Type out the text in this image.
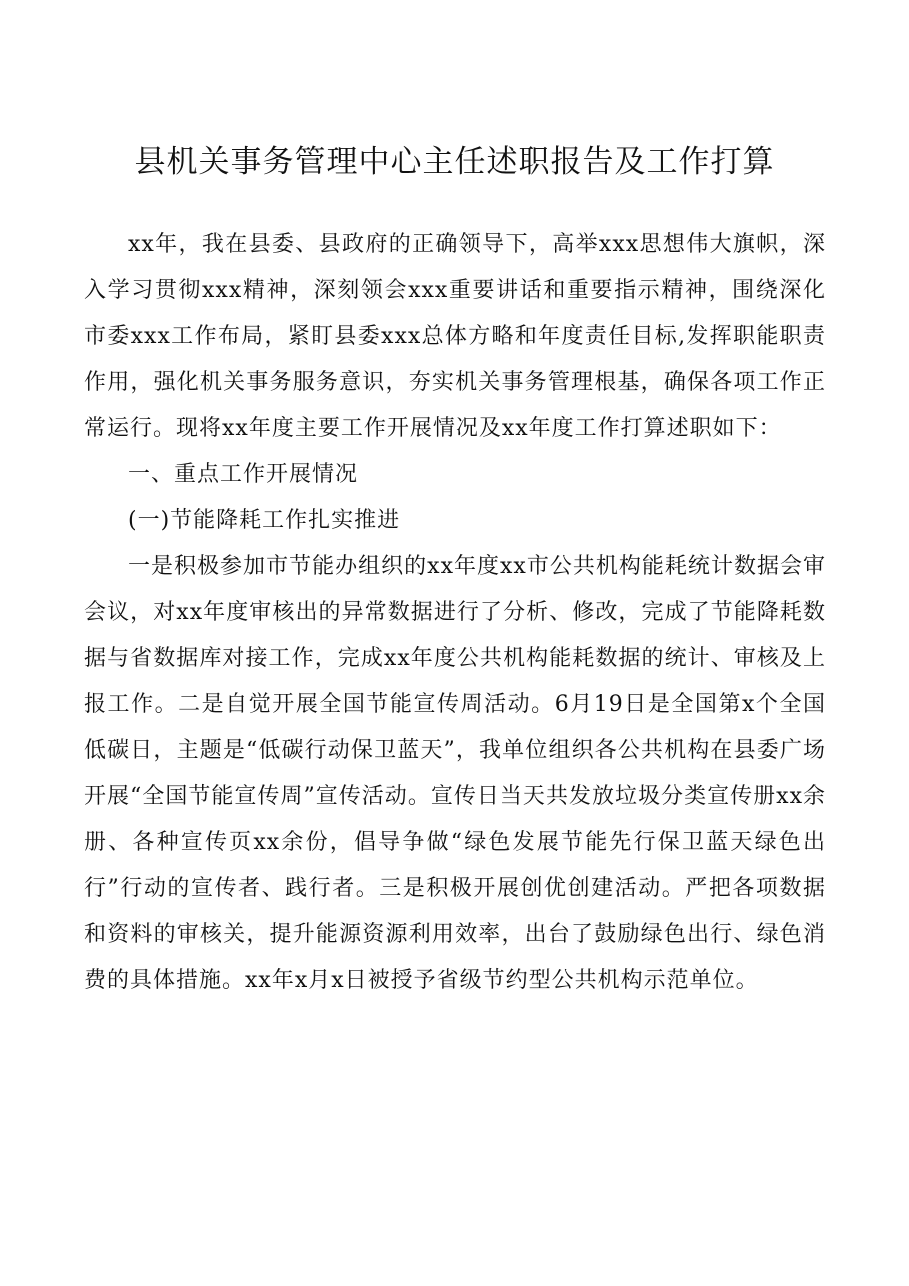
县机关事务管理中心主任述职报告及工作打算

xx年，我在县委、县政府的正确领导下，高举xxx思想伟大旗帜，深入学习贯彻xxx精神，深刻领会xxx重要讲话和重要指示精神，围绕深化市委xxx工作布局，紧盯县委xxx总体方略和年度责任目标,发挥职能职责作用，强化机关事务服务意识，夯实机关事务管理根基，确保各项工作正常运行。现将xx年度主要工作开展情况及xx年度工作打算述职如下：

一、重点工作开展情况

(一)节能降耗工作扎实推进

一是积极参加市节能办组织的xx年度xx市公共机构能耗统计数据会审会议，对xx年度审核出的异常数据进行了分析、修改，完成了节能降耗数据与省数据库对接工作，完成xx年度公共机构能耗数据的统计、审核及上报工作。二是自觉开展全国节能宣传周活动。6月19日是全国第x个全国低碳日，主题是“低碳行动保卫蓝天”，我单位组织各公共机构在县委广场开展“全国节能宣传周”宣传活动。宣传日当天共发放垃圾分类宣传册xx余册、各种宣传页xx余份，倡导争做“绿色发展节能先行保卫蓝天绿色出行”行动的宣传者、践行者。三是积极开展创优创建活动。严把各项数据和资料的审核关，提升能源资源利用效率，出台了鼓励绿色出行、绿色消费的具体措施。xx年x月x日被授予省级节约型公共机构示范单位。
